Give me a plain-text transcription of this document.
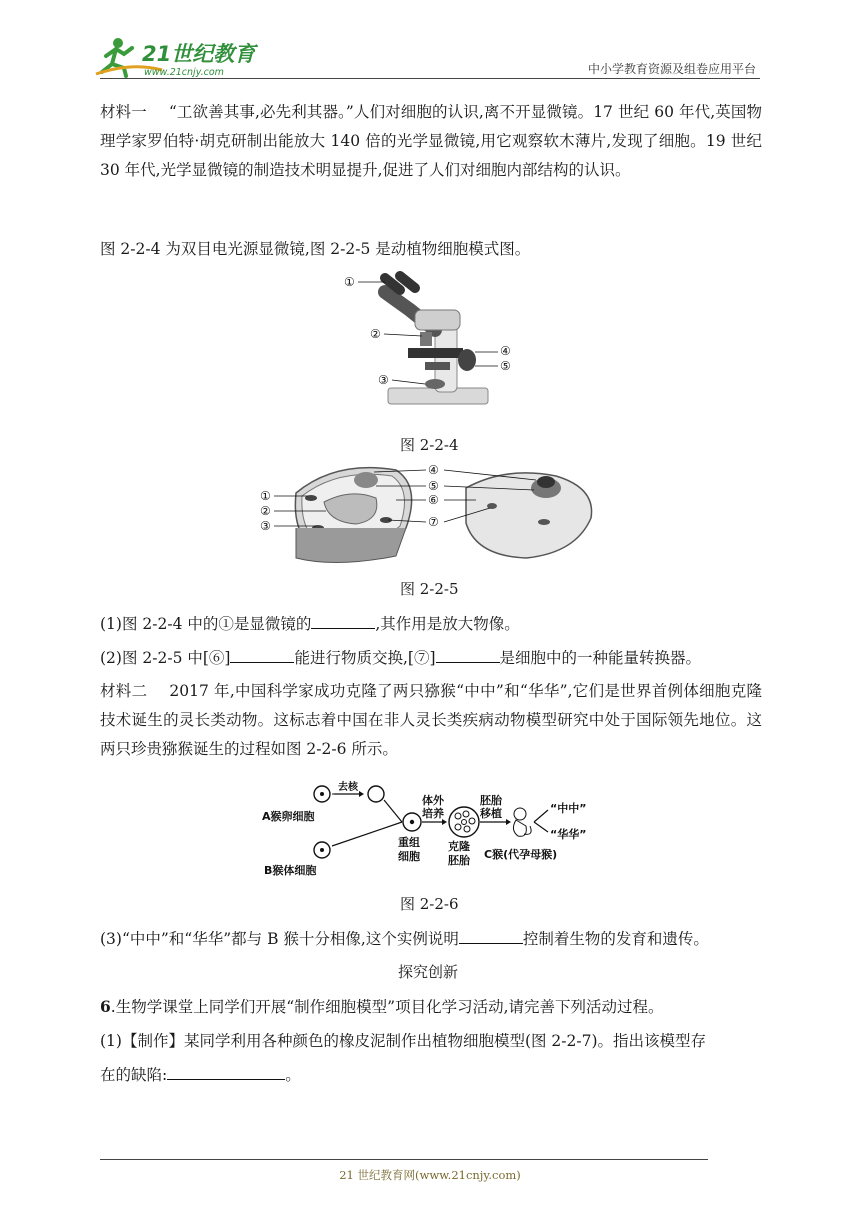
21世纪教育
www.21cnjy.com	中小学教育资源及组卷应用平台
材料一 “工欲善其事,必先利其器。”人们对细胞的认识,离不开显微镜。17 世纪 60 年代,英国物理学家罗伯特·胡克研制出能放大 140 倍的光学显微镜,用它观察软木薄片,发现了细胞。19 世纪 30 年代,光学显微镜的制造技术明显提升,促进了人们对细胞内部结构的认识。
图 2-2-4 为双目电光源显微镜,图 2-2-5 是动植物细胞模式图。
①
②
③
④
⑤
图 2-2-4
①
②
③
④
⑤
⑥
⑦
图 2-2-5
(1)图 2-2-4 中的①是显微镜的	,其作用是放大物像。
(2)图 2-2-5 中[⑥]	能进行物质交换,[⑦]	是细胞中的一种能量转换器。
材料二 2017 年,中国科学家成功克隆了两只猕猴“中中”和“华华”,它们是世界首例体细胞克隆技术诞生的灵长类动物。这标志着中国在非人灵长类疾病动物模型研究中处于国际领先地位。这两只珍贵猕猴诞生的过程如图 2-2-6 所示。
A猴卵细胞
去核
B猴体细胞
重组
细胞
体外
培养
克隆
胚胎
胚胎
移植	“中中”
“华华”
C猴(代孕母猴)
图 2-2-6
(3)“中中”和“华华”都与 B 猴十分相像,这个实例说明	控制着生物的发育和遗传。
探究创新
6.生物学课堂上同学们开展“制作细胞模型”项目化学习活动,请完善下列活动过程。
(1)【制作】某同学利用各种颜色的橡皮泥制作出植物细胞模型(图 2-2-7)。指出该模型存
在的缺陷:	。
21 世纪教育网(www.21cnjy.com)
